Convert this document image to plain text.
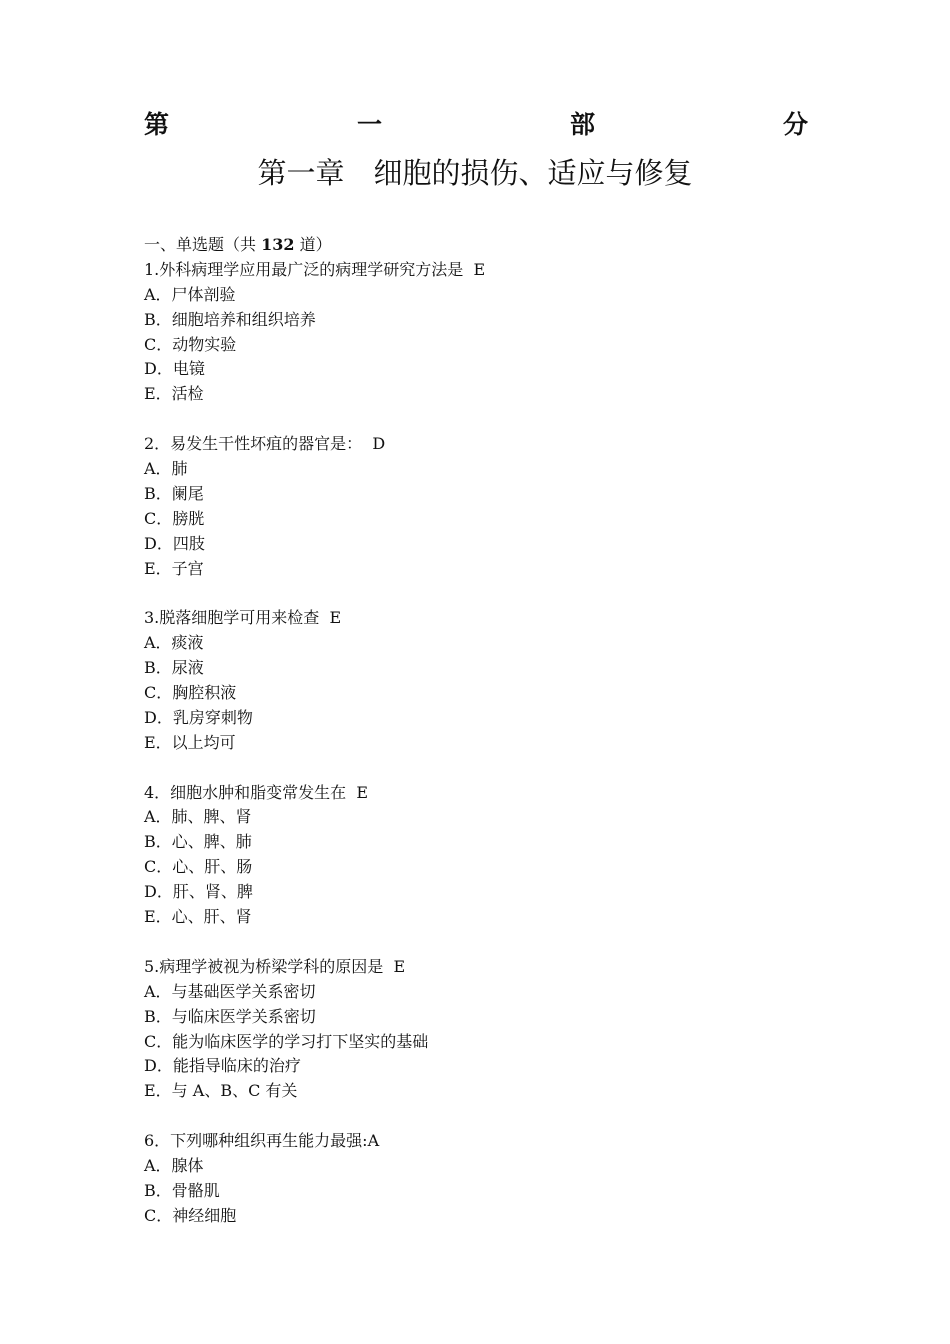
第	一	部	分
第一章　细胞的损伤、适应与修复
一、单选题（共 132 道）
1.外科病理学应用最广泛的病理学研究方法是  E
A．尸体剖验
B．细胞培养和组织培养
C．动物实验
D．电镜
E．活检
2．易发生干性坏疽的器官是：  D
A．肺
B．阑尾
C．膀胱
D．四肢
E．子宫
3.脱落细胞学可用来检查  E
A．痰液
B．尿液
C．胸腔积液
D．乳房穿刺物
E．以上均可
4．细胞水肿和脂变常发生在  E
A．肺、脾、肾
B．心、脾、肺
C．心、肝、肠
D．肝、肾、脾
E．心、肝、肾
5.病理学被视为桥梁学科的原因是  E
A．与基础医学关系密切
B．与临床医学关系密切
C．能为临床医学的学习打下坚实的基础
D．能指导临床的治疗
E．与 A、B、C 有关
6．下列哪种组织再生能力最强:A
A．腺体
B．骨骼肌
C．神经细胞
